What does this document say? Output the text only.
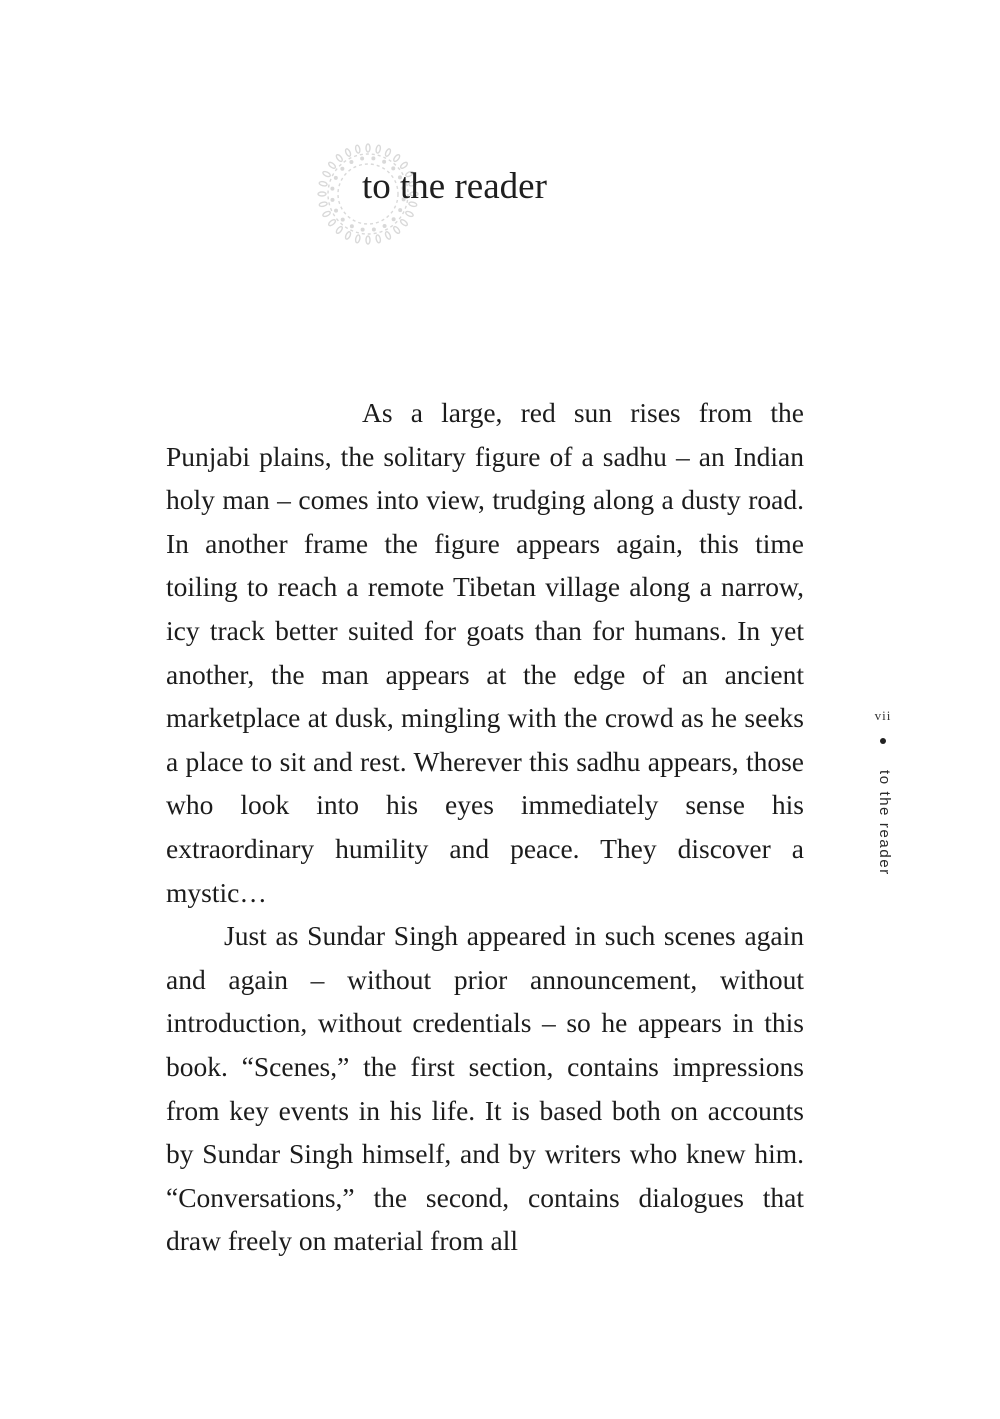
to the reader

As a large, red sun rises from the Punjabi plains, the solitary figure of a sadhu – an Indian holy man – comes into view, trudging along a dusty road. In another frame the figure appears again, this time toiling to reach a remote Tibetan village along a narrow, icy track better suited for goats than for humans. In yet another, the man appears at the edge of an ancient marketplace at dusk, mingling with the crowd as he seeks a place to sit and rest. Wherever this sadhu appears, those who look into his eyes immediately sense his extraordinary humility and peace. They discover a mystic…

Just as Sundar Singh appeared in such scenes again and again – without prior announcement, without introduction, without credentials – so he appears in this book. “Scenes,” the first section, contains impressions from key events in his life. It is based both on accounts by Sundar Singh himself, and by writers who knew him. “Conversations,” the second, contains dialogues that draw freely on material from all

vii
to the reader
